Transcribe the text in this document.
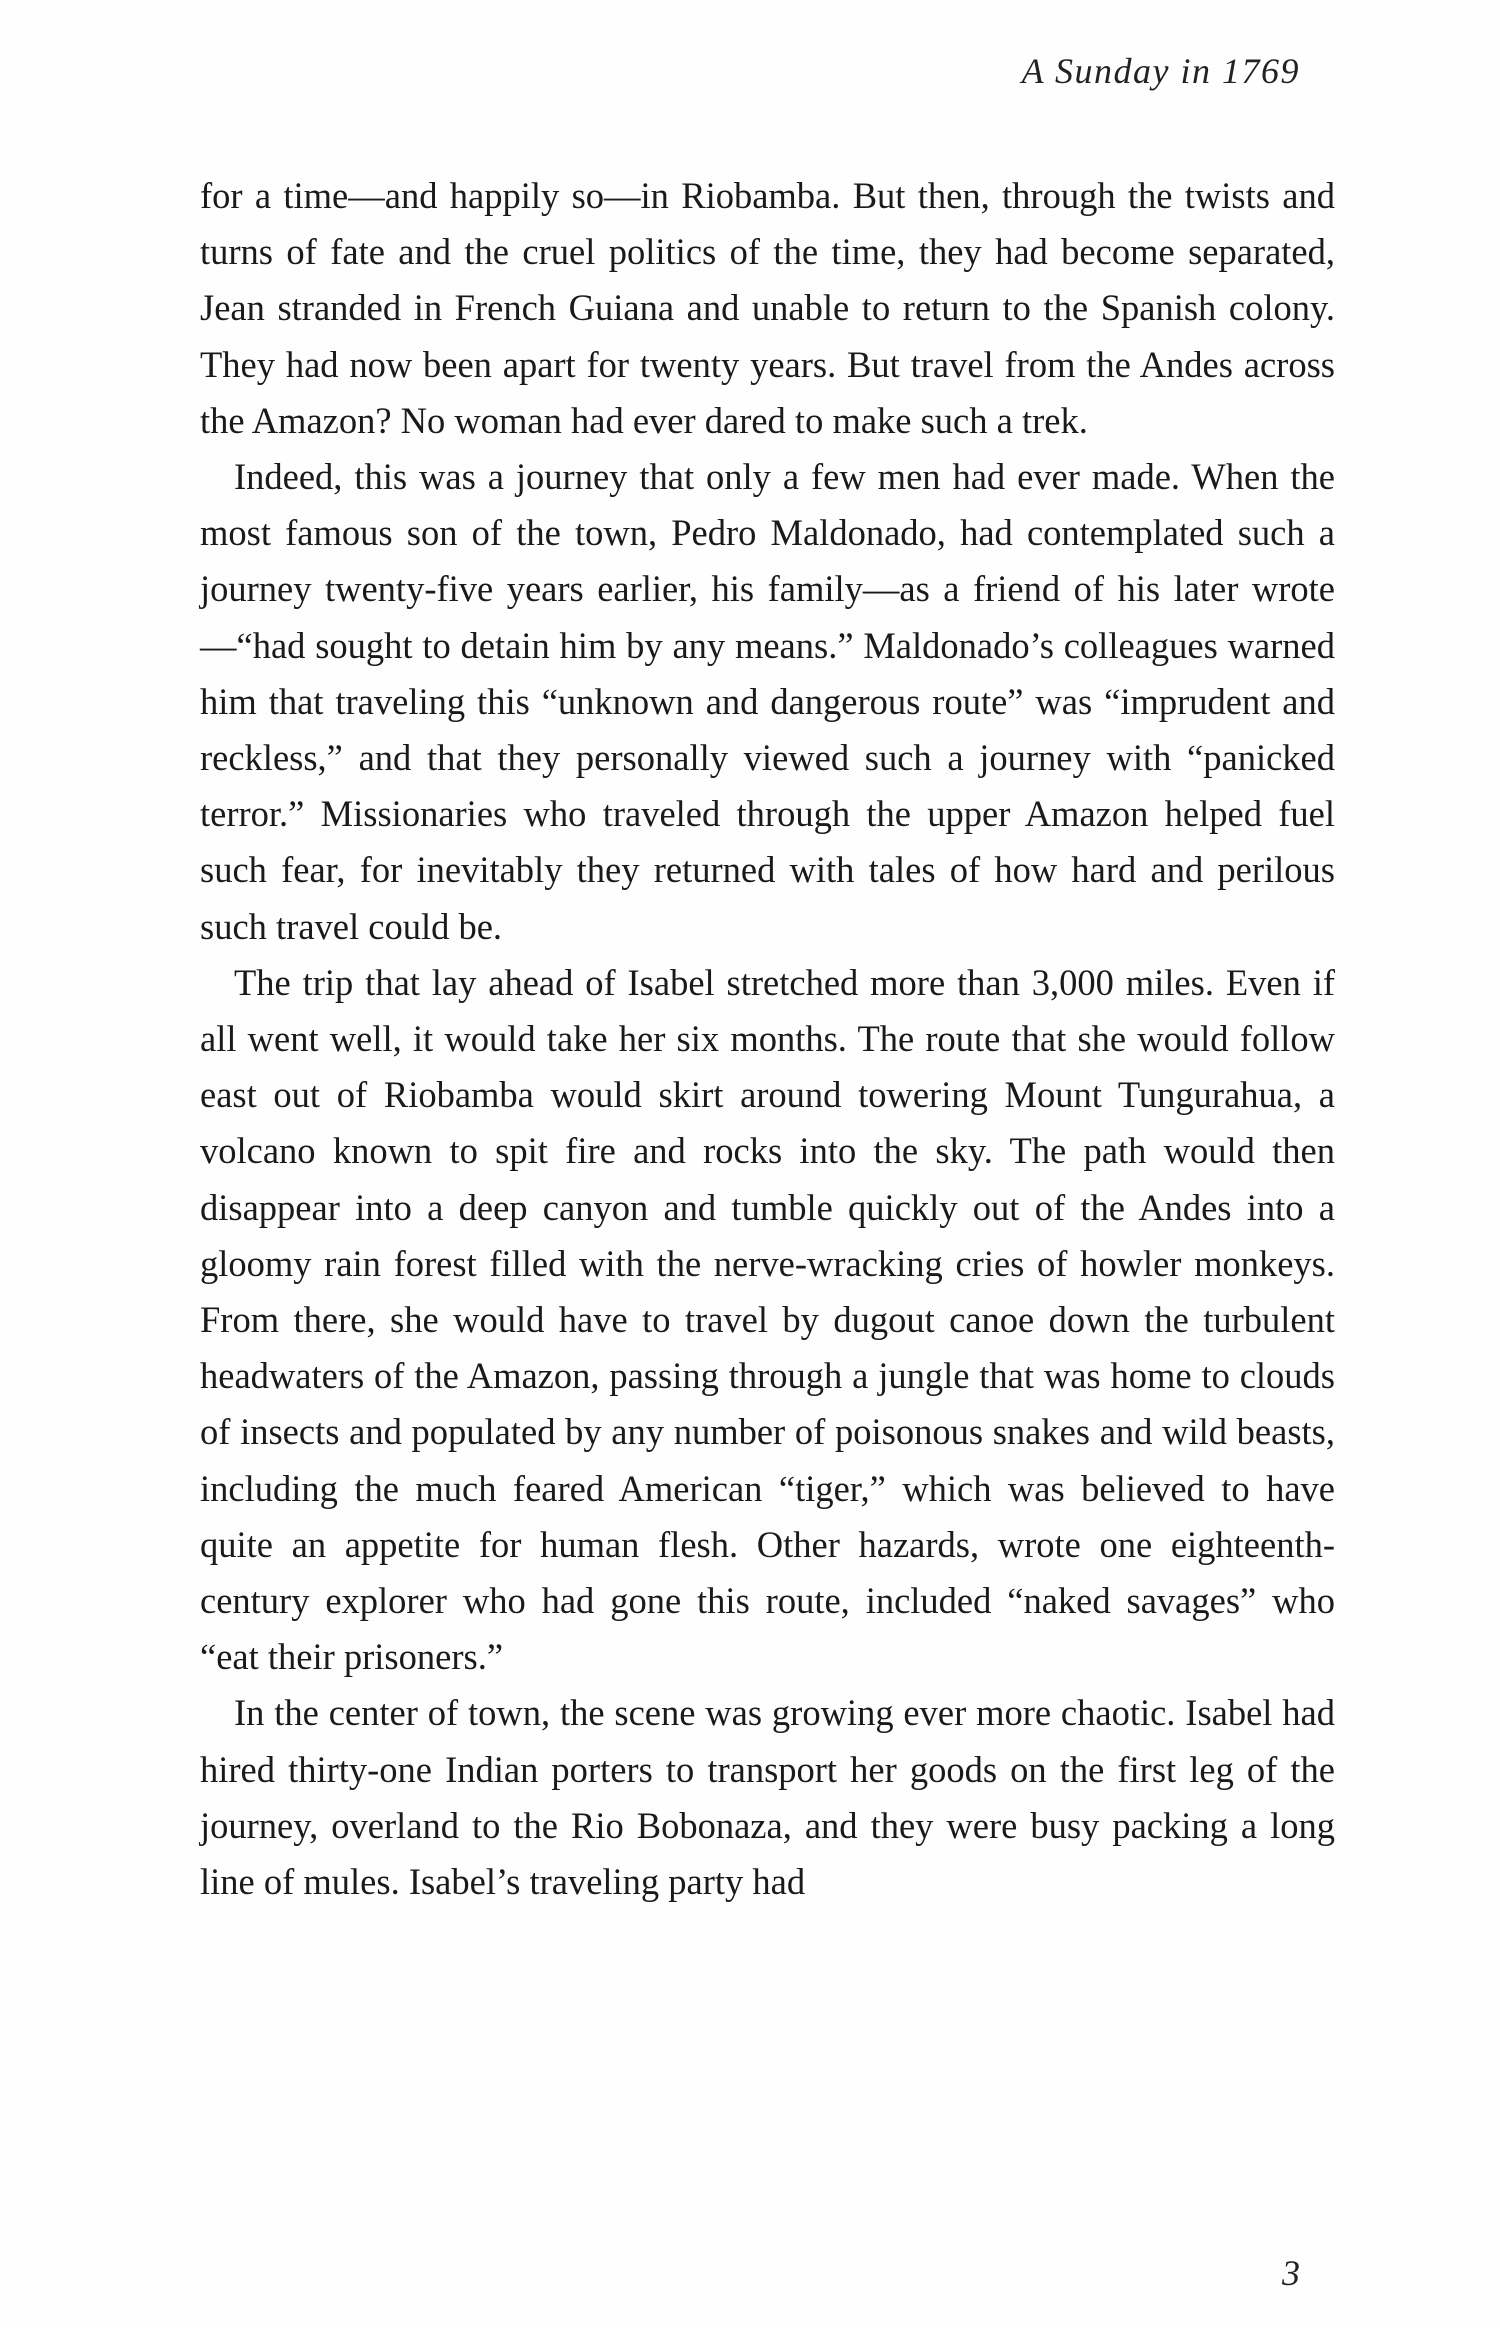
A Sunday in 1769

for a time—and happily so—in Riobamba. But then, through the twists and turns of fate and the cruel politics of the time, they had become separated, Jean stranded in French Guiana and unable to return to the Spanish colony. They had now been apart for twenty years. But travel from the Andes across the Amazon? No woman had ever dared to make such a trek.

Indeed, this was a journey that only a few men had ever made. When the most famous son of the town, Pedro Maldonado, had contemplated such a journey twenty-five years earlier, his family—as a friend of his later wrote—“had sought to detain him by any means.” Maldonado’s colleagues warned him that traveling this “unknown and dangerous route” was “imprudent and reckless,” and that they personally viewed such a journey with “panicked terror.” Missionaries who traveled through the upper Amazon helped fuel such fear, for inevitably they returned with tales of how hard and perilous such travel could be.

The trip that lay ahead of Isabel stretched more than 3,000 miles. Even if all went well, it would take her six months. The route that she would follow east out of Riobamba would skirt around towering Mount Tungurahua, a volcano known to spit fire and rocks into the sky. The path would then disappear into a deep canyon and tumble quickly out of the Andes into a gloomy rain forest filled with the nerve-wracking cries of howler monkeys. From there, she would have to travel by dugout canoe down the turbulent headwaters of the Amazon, passing through a jungle that was home to clouds of insects and populated by any number of poisonous snakes and wild beasts, including the much feared American “tiger,” which was believed to have quite an appetite for human flesh. Other hazards, wrote one eighteenth-century explorer who had gone this route, included “naked savages” who “eat their prisoners.”

In the center of town, the scene was growing ever more chaotic. Isabel had hired thirty-one Indian porters to transport her goods on the first leg of the journey, overland to the Rio Bobonaza, and they were busy packing a long line of mules. Isabel’s traveling party had

3
